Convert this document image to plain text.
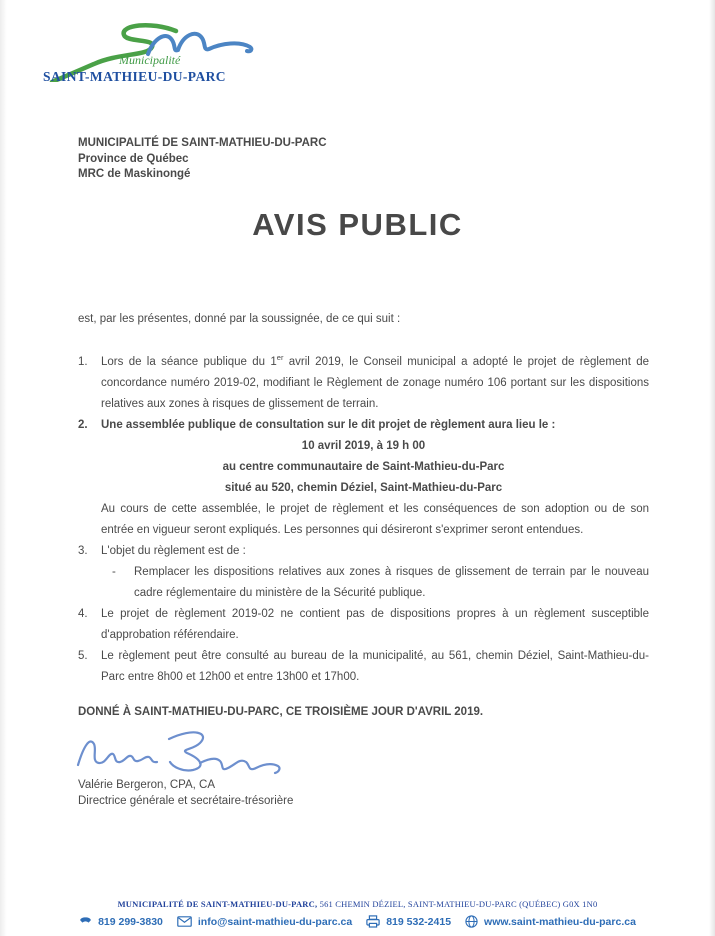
Municipalité
SAINT-MATHIEU-DU-PARC
MUNICIPALITÉ DE SAINT-MATHIEU-DU-PARC
Province de Québec
MRC de Maskinongé
AVIS PUBLIC

est, par les présentes, donné par la soussignée, de ce qui suit :

1.	Lors de la séance publique du 1er avril 2019, le Conseil municipal a adopté le projet de règlement de concordance numéro 2019-02, modifiant le Règlement de zonage numéro 106 portant sur les dispositions relatives aux zones à risques de glissement de terrain.
2.	Une assemblée publique de consultation sur le dit projet de règlement aura lieu le :
10 avril 2019, à 19 h 00
au centre communautaire de Saint-Mathieu-du-Parc
situé au 520, chemin Déziel, Saint-Mathieu-du-Parc
Au cours de cette assemblée, le projet de règlement et les conséquences de son adoption ou de son entrée en vigueur seront expliqués. Les personnes qui désireront s'exprimer seront entendues.
3.	L'objet du règlement est de :
-	Remplacer les dispositions relatives aux zones à risques de glissement de terrain par le nouveau cadre réglementaire du ministère de la Sécurité publique.
4.	Le projet de règlement 2019-02 ne contient pas de dispositions propres à un règlement susceptible d'approbation référendaire.
5.	Le règlement peut être consulté au bureau de la municipalité, au 561, chemin Déziel, Saint-Mathieu-du-Parc entre 8h00 et 12h00 et entre 13h00 et 17h00.
DONNÉ À SAINT-MATHIEU-DU-PARC, CE TROISIÈME JOUR D'AVRIL 2019.
Valérie Bergeron, CPA, CA
Directrice générale et secrétaire-trésorière
MUNICIPALITÉ DE SAINT-MATHIEU-DU-PARC, 561 CHEMIN DÉZIEL, SAINT-MATHIEU-DU-PARC (QUÉBEC) G0X 1N0
819 299-3830	info@saint-mathieu-du-parc.ca	819 532-2415	www.saint-mathieu-du-parc.ca
